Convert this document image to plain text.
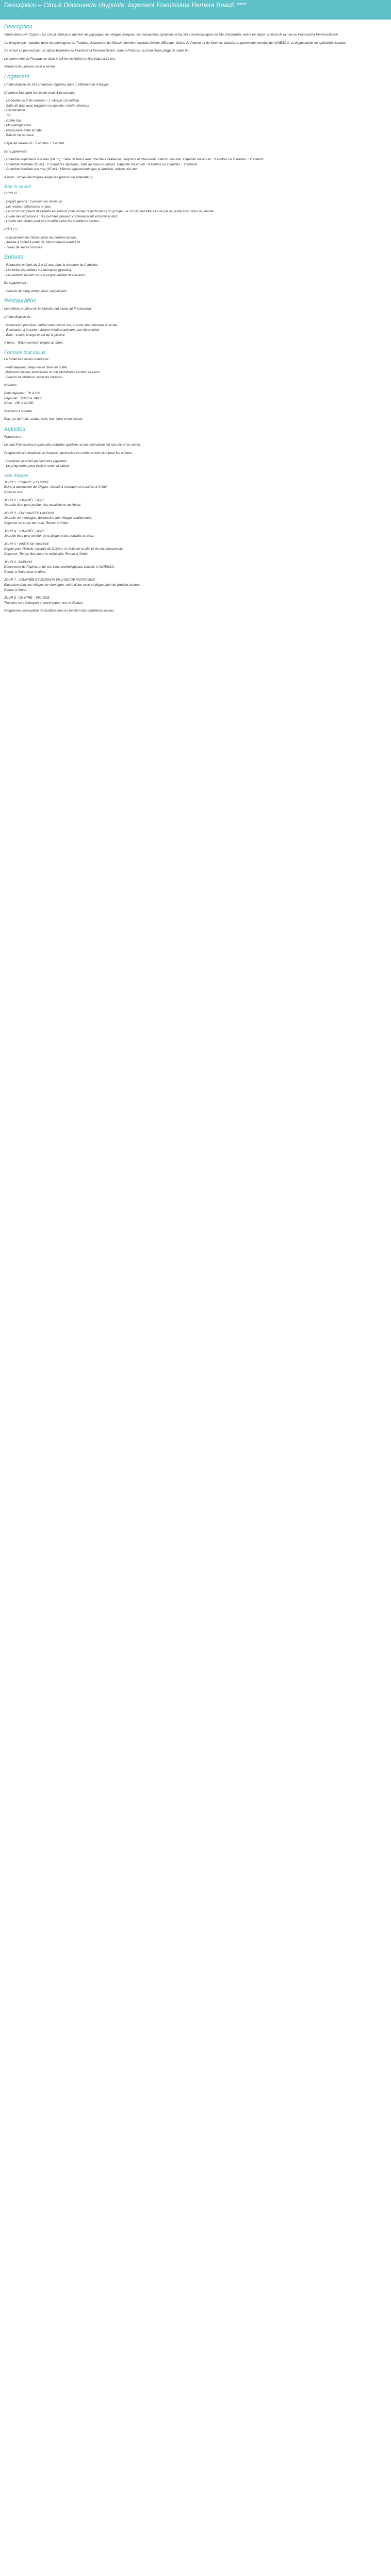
Description – Circuit Découverte chypriote, logement Framissima Pernera Beach ****
Description

Venez découvrir Chypre ! Un circuit idéal pour admirer les paysages, les villages typiques, les monastères byzantins et les sites archéologiques de l'île d'Aphrodite, avant un séjour au bord de la mer au Framissima Pernera Beach.

Au programme : balades dans les montagnes du Troodos, découverte de Nicosie, dernière capitale divisée d'Europe, visites de Paphos et de Kourion, classés au patrimoine mondial de l'UNESCO, et dégustations de spécialités locales.

Ce circuit se poursuit par un séjour balnéaire au Framissima Pernera Beach, situé à Protaras, au bord d'une plage de sable fin.

Le centre-ville de Protaras se situe à 4,5 km de l'hôtel et Ayia Napa à 12 km.

Aéroport de Larnaca situé à 65 km.

Logement

L'hôtel dispose de 253 chambres réparties dans 1 bâtiment de 4 étages.

Chambre Standard vue jardin (max 3 personnes)

- Lit double ou 2 lits simples + 1 canapé convertible
- Salle de bain avec baignoire ou douche / sèche-cheveux
- Climatisation
- TV
- Coffre-fort
- Mini-réfrigérateur
- Nécessaire à thé et café
- Balcon ou terrasse

Capacité maximum : 2 adultes + 1 enfant.

En supplément :

- Chambre supérieure vue mer (24 m²) : Salle de bains avec douche à l'italienne, peignoirs et chaussons. Balcon vue mer. Capacité maximum : 3 adultes ou 2 adultes + 2 enfants.
- Chambre familiale (35 m²) : 2 chambres séparées, salle de bains et balcon. Capacité maximum : 4 adultes ou 2 adultes + 2 enfants.
- Chambre familiale vue mer (35 m²) : Mêmes équipements que la familiale, balcon vue mer.

A noter : Prises électriques anglaises (prévoir un adaptateur).

Bon à savoir

CIRCUIT :

- Départ garanti : 2 personnes minimum
- Les visites référencées en bus
- Le circuit comprend des trajets en autocar pour plusieurs participants du groupe. Le circuit peut être assuré par un guide local selon la période.
- Durée des excursions : les journées peuvent commencer tôt et terminer tard.
- L'ordre des visites peut être modifié selon les conditions locales.

HÔTELS :

- Classement des hôtels selon les normes locales.
- Arrivée à l'hôtel à partir de 14h et départ avant 12h.
- Taxes de séjour incluses.
Enfants
- Réduction enfants de 2 à 12 ans dans la chambre de 2 adultes.
- Lits bébé disponibles sur demande (gratuits).
- Les enfants restent sous la responsabilité des parents.

En supplément :

- Service de baby-sitting, avec supplément.
Restauration

Les clients profitent de la formule tout inclus au Framissima.

L'hôtel dispose de :

- Restaurant principal : buffet varié midi et soir, cuisine internationale et locale.
- Restaurant à la carte : cuisine méditerranéenne, sur réservation.
- Bars : snack, lounge et bar de la piscine.

A noter : Tenue correcte exigée au dîner.

Formule tout inclus

Le forfait tout inclus comprend :

- Petit-déjeuner, déjeuner et dîner en buffet
- Boissons locales alcoolisées et non alcoolisées servies au verre
- Snacks et collations selon les horaires

Horaires :

Petit-déjeuner : 7h à 10h
Déjeuner : 12h30 à 14h30
Dîner : 19h à 21h30

Boissons à volonté :

Eau, jus de fruits, sodas, café, thé, bière et vin locaux.

Activités

Framissima :

Le club Framissima propose des activités sportives et des animations en journée et en soirée.

Programme d'animations en français, spectacles en soirée et mini-club pour les enfants.

- Certaines activités peuvent être payantes.
- Le programme peut évoluer selon la saison.
Vos étapes

JOUR 1 : FRANCE – CHYPRE

Envol à destination de Chypre. Accueil à l'aéroport et transfert à l'hôtel.

Dîner et nuit.

JOUR 2 : JOURNÉE LIBRE

Journée libre pour profiter des installations de l'hôtel.

JOUR 3 : ENCHANTED LADDON

Journée en montagne, découverte des villages traditionnels.

Déjeuner en cours de route. Retour à l'hôtel.

JOUR 4 : JOURNÉE LIBRE

Journée libre pour profiter de la plage et des activités du club.

JOUR 5 : VISITE DE NICOSIE

Départ pour Nicosie, capitale de Chypre, et visite de la ville et de ses monuments.

Déjeuner. Temps libre dans la vieille ville. Retour à l'hôtel.

JOUR 6 : PAPHOS

Découverte de Paphos et de ses sites archéologiques classés à l'UNESCO.

Retour à l'hôtel pour le dîner.

JOUR 7 : JOURNÉE EXCURSION VILLAGE DE MONTAGNE

Excursion dans les villages de montagne, visite d'une cave et dégustation de produits locaux.

Retour à l'hôtel.

JOUR 8 : CHYPRE – FRANCE

Transfert vers l'aéroport et envol retour vers la France.

Programme susceptible de modifications en fonction des conditions locales.
